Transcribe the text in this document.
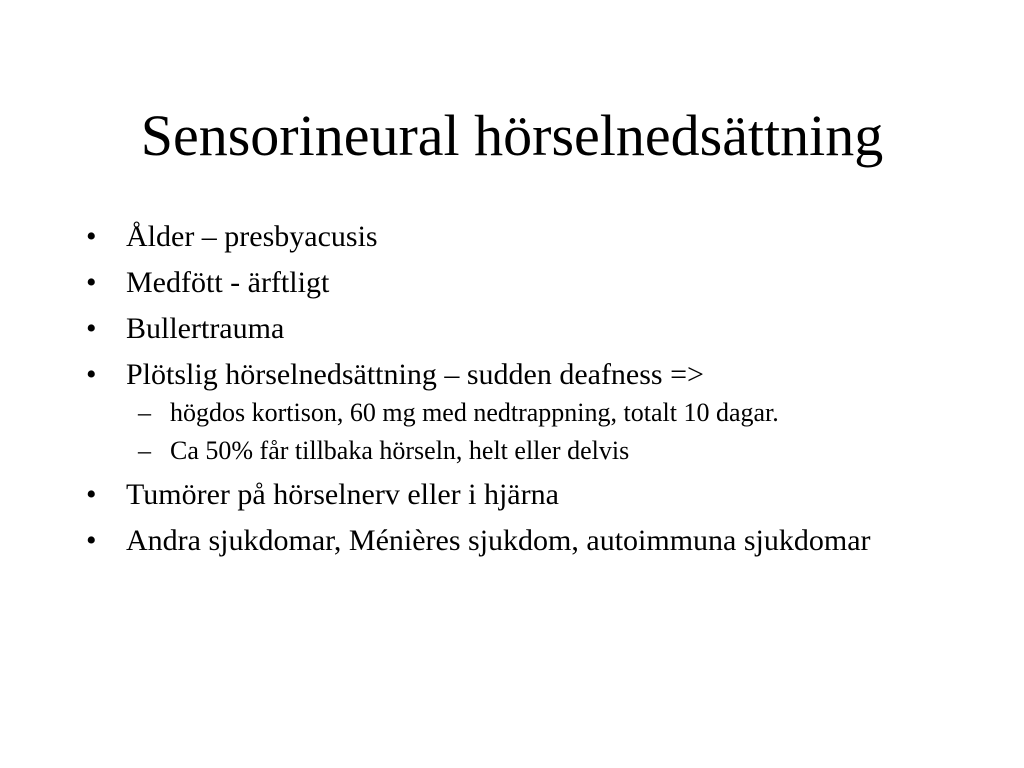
Sensorineural hörselnedsättning
• Ålder – presbyacusis
• Medfött - ärftligt
• Bullertrauma
• Plötslig hörselnedsättning – sudden deafness =>
– högdos kortison, 60 mg med nedtrappning, totalt 10 dagar.
– Ca 50% får tillbaka hörseln, helt eller delvis
• Tumörer på hörselnerv eller i hjärna
• Andra sjukdomar, Ménières sjukdom, autoimmuna sjukdomar
